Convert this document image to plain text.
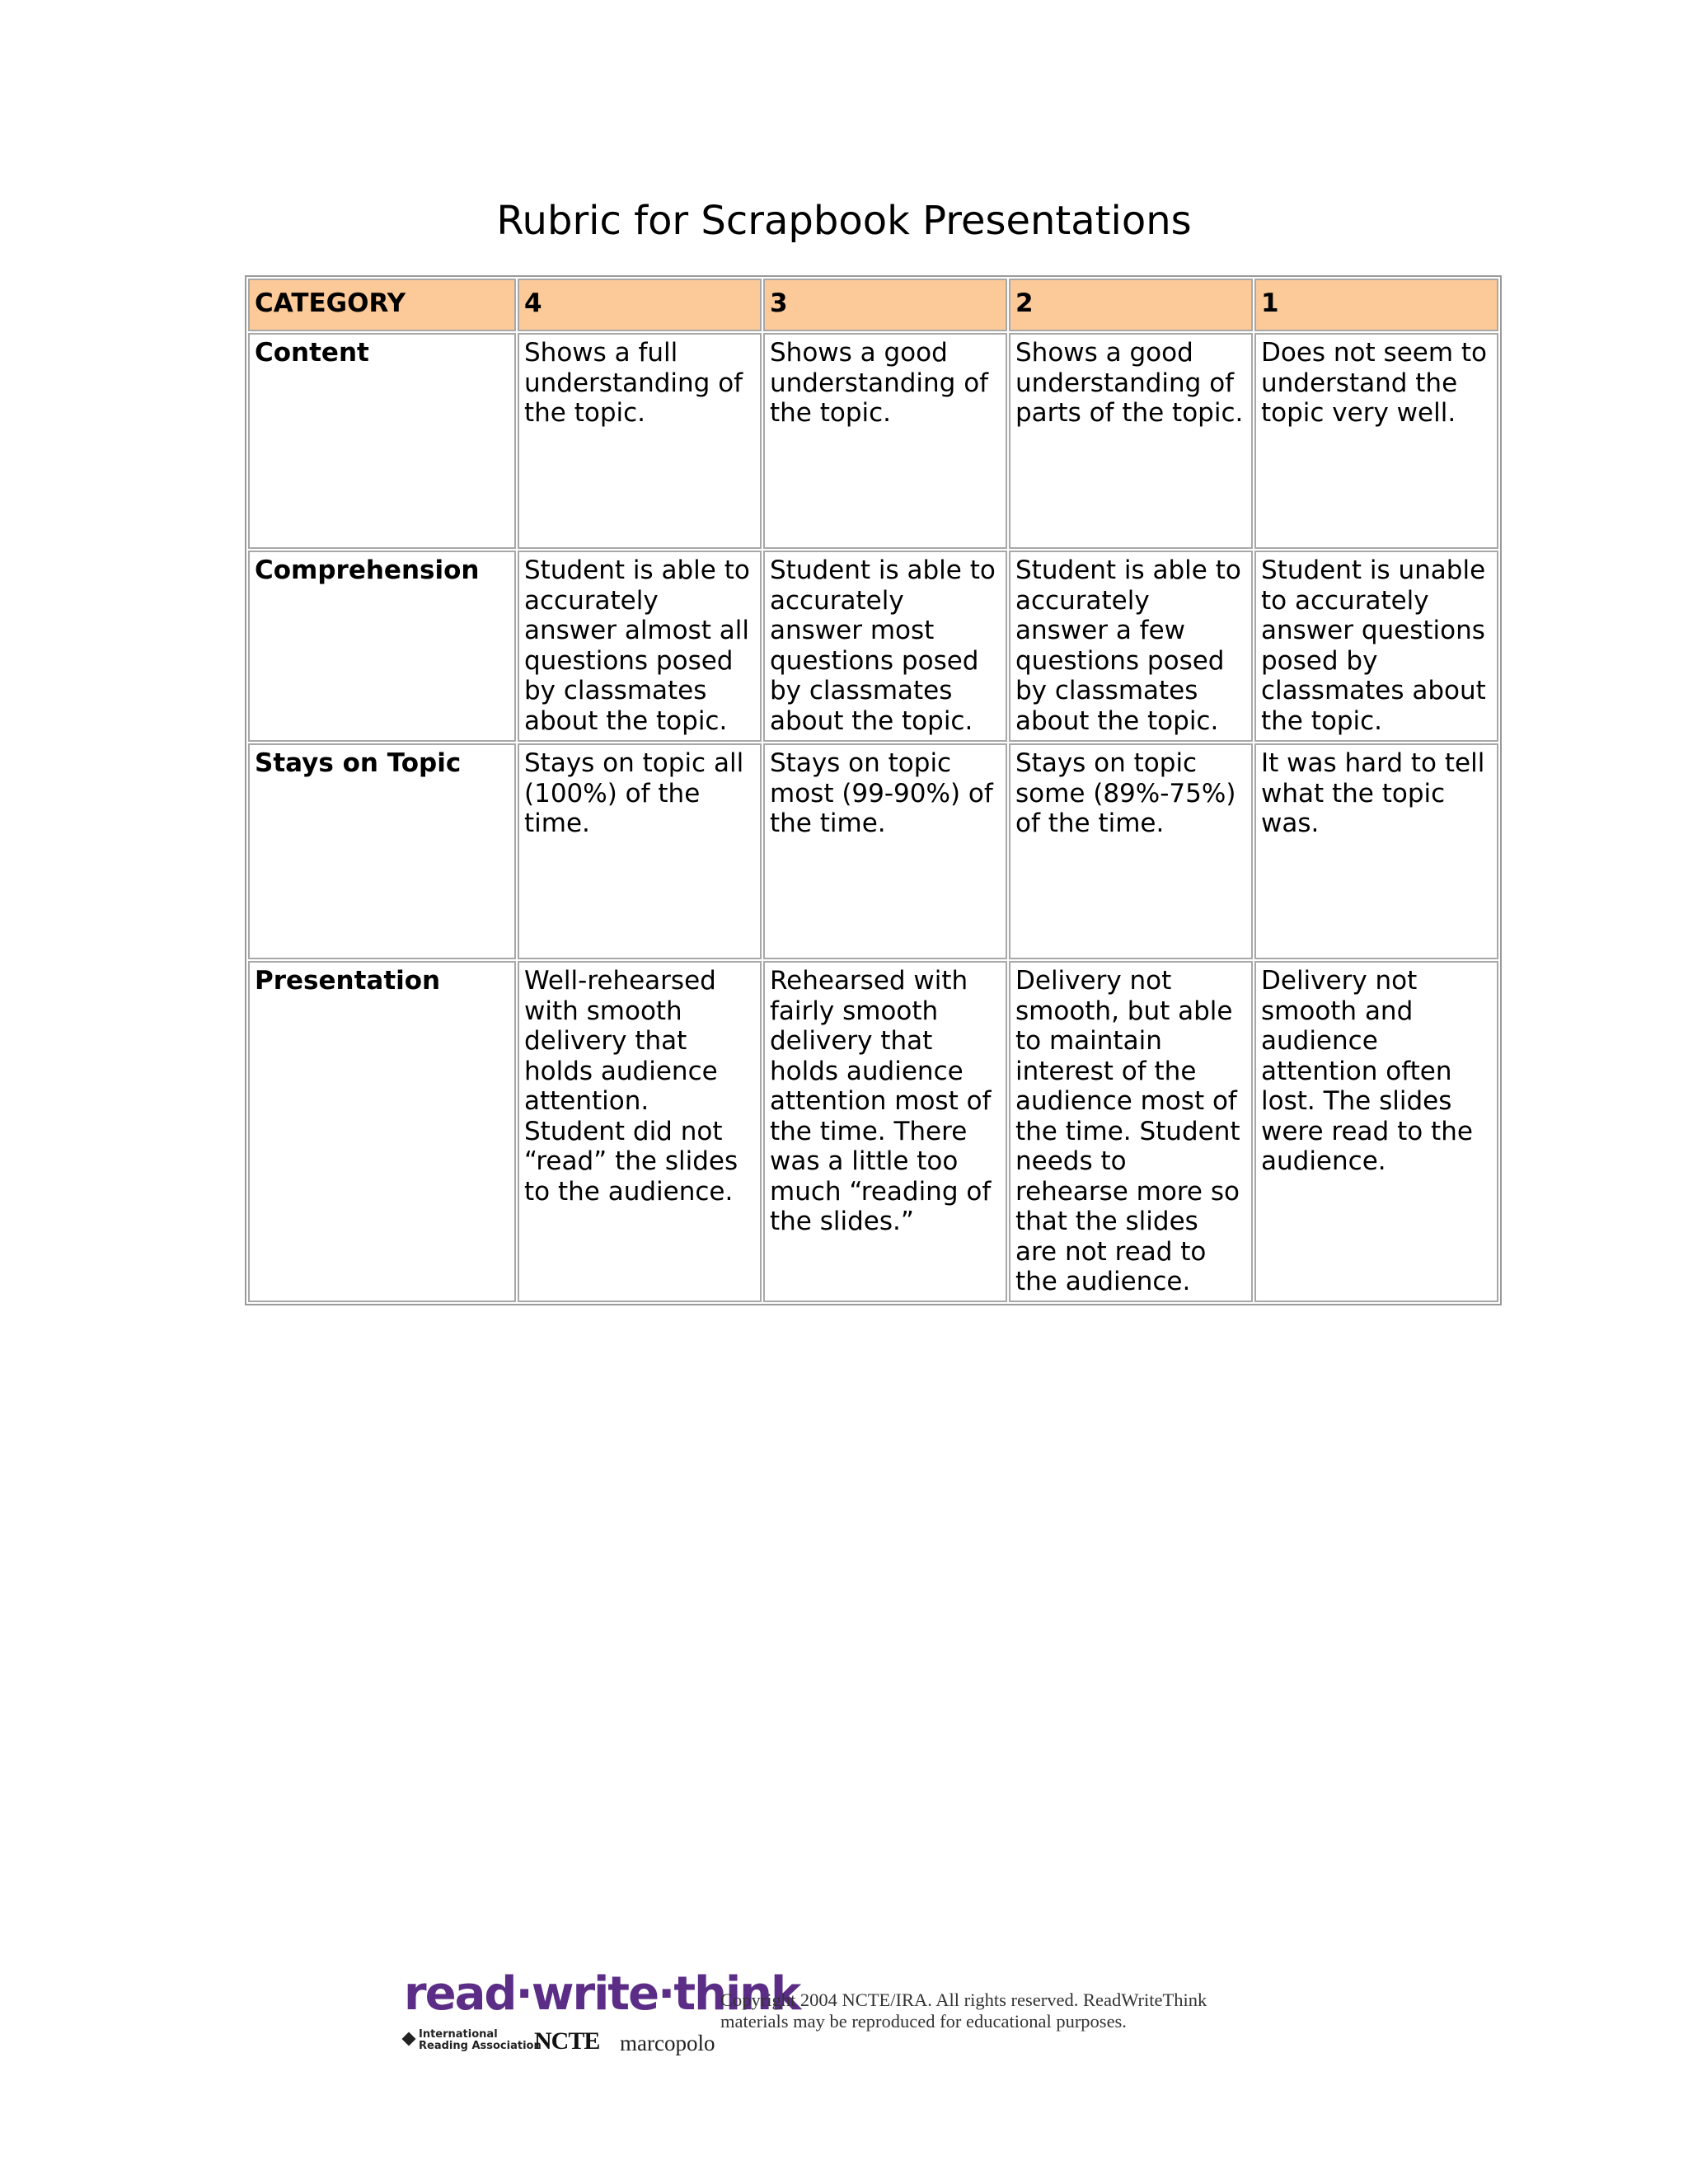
Rubric for Scrapbook Presentations
CATEGORY	4	3	2	1
Content	Shows a full understanding of the topic.	Shows a good understanding of the topic.	Shows a good understanding of parts of the topic.	Does not seem to understand the topic very well.
Comprehension	Student is able to accurately answer almost all questions posed by classmates about the topic.	Student is able to accurately answer most questions posed by classmates about the topic.	Student is able to accurately answer a few questions posed by classmates about the topic.	Student is unable to accurately answer questions posed by classmates about the topic.
Stays on Topic	Stays on topic all (100%) of the time.	Stays on topic most (99-90%) of the time.	Stays on topic some (89%-75%) of the time.	It was hard to tell what the topic was.
Presentation	Well-rehearsed with smooth delivery that holds audience attention. Student did not “read” the slides to the audience.	Rehearsed with fairly smooth delivery that holds audience attention most of the time. There was a little too much “reading of the slides.”	Delivery not smooth, but able to maintain interest of the audience most of the time. Student needs to rehearse more so that the slides are not read to the audience.	Delivery not smooth and audience attention often lost. The slides were read to the audience.
read·write·think
International
Reading Association
NCTE marcopolo
Copyright 2004 NCTE/IRA. All rights reserved. ReadWriteThink
materials may be reproduced for educational purposes.
